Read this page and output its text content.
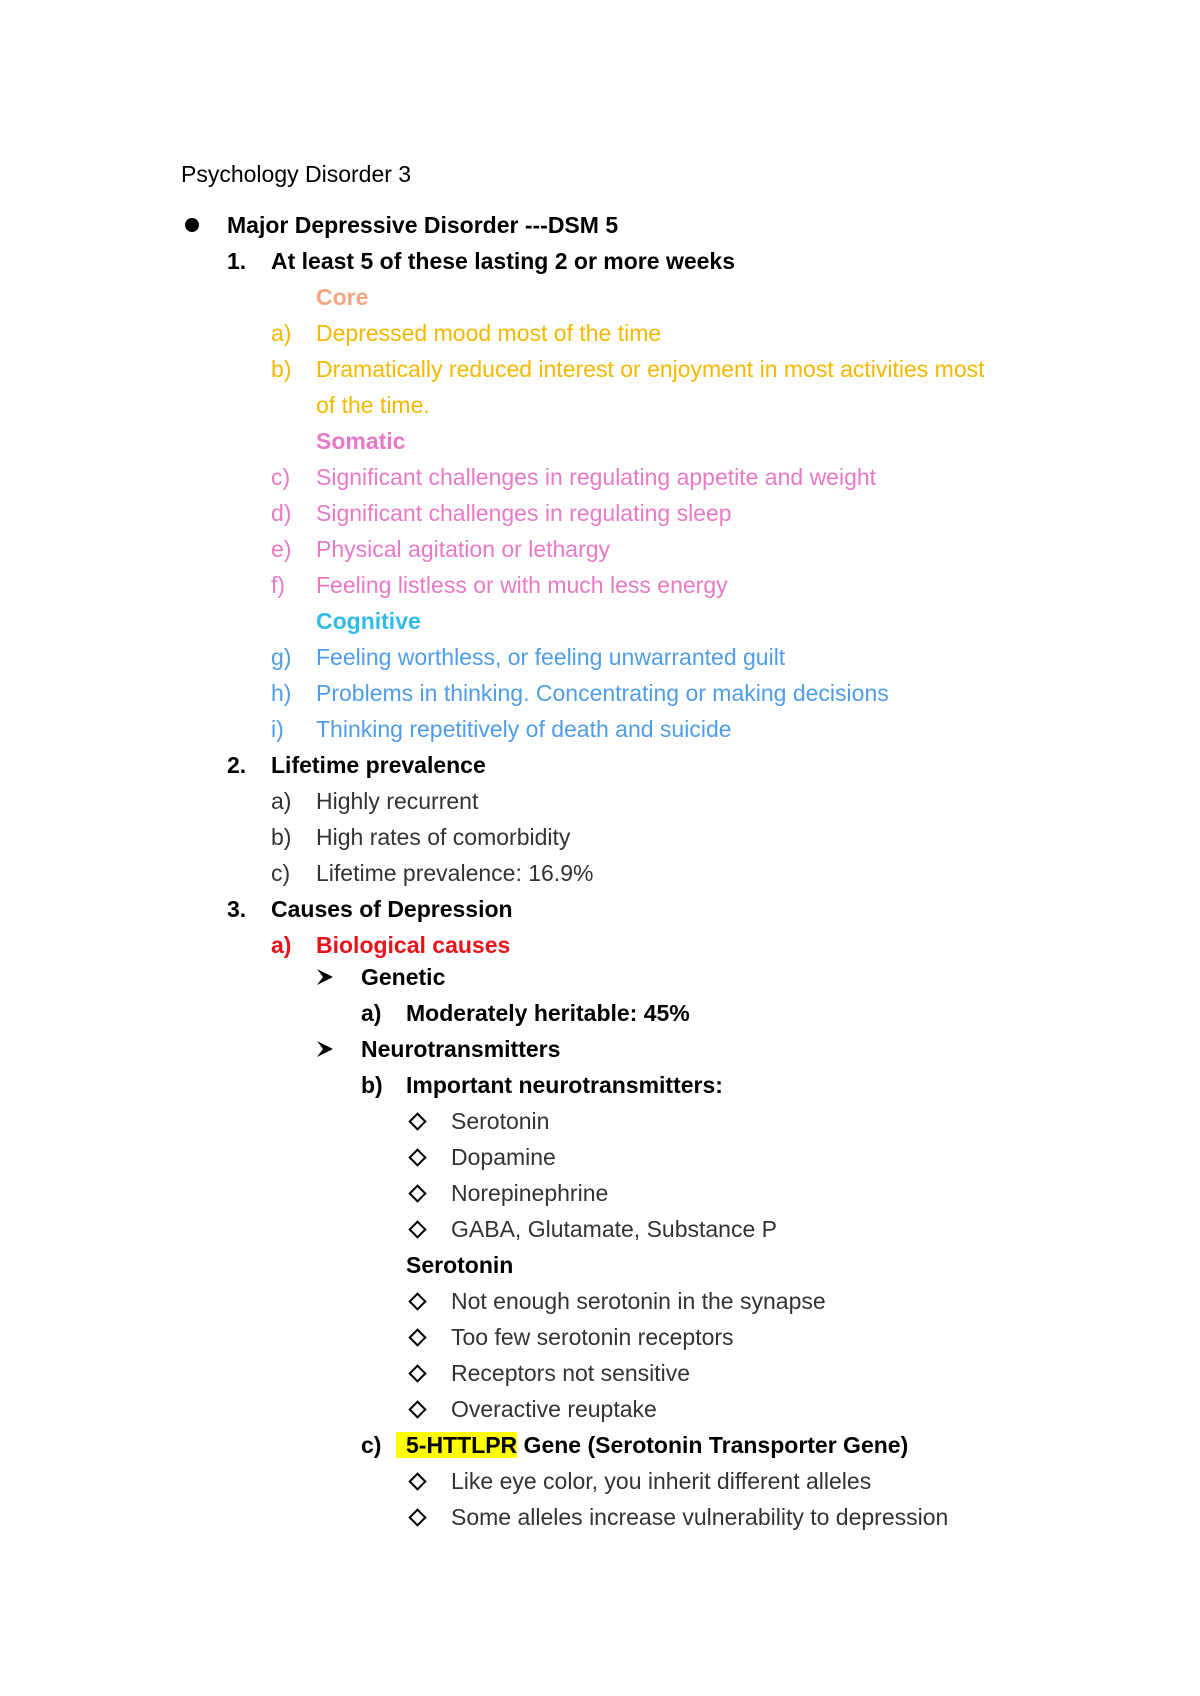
Psychology Disorder 3
Major Depressive Disorder ---DSM 5
1. At least 5 of these lasting 2 or more weeks
Core
a) Depressed mood most of the time
b) Dramatically reduced interest or enjoyment in most activities most
of the time.
Somatic
c) Significant challenges in regulating appetite and weight
d) Significant challenges in regulating sleep
e) Physical agitation or lethargy
f) Feeling listless or with much less energy
Cognitive
g) Feeling worthless, or feeling unwarranted guilt
h) Problems in thinking. Concentrating or making decisions
i) Thinking repetitively of death and suicide
2. Lifetime prevalence
a) Highly recurrent
b) High rates of comorbidity
c) Lifetime prevalence: 16.9%
3. Causes of Depression
a) Biological causes
Genetic
a) Moderately heritable: 45%
Neurotransmitters
b) Important neurotransmitters:
Serotonin
Dopamine
Norepinephrine
GABA, Glutamate, Substance P
Serotonin
Not enough serotonin in the synapse
Too few serotonin receptors
Receptors not sensitive
Overactive reuptake
c)	5-HTTLPR Gene (Serotonin Transporter Gene)
Like eye color, you inherit different alleles
Some alleles increase vulnerability to depression
